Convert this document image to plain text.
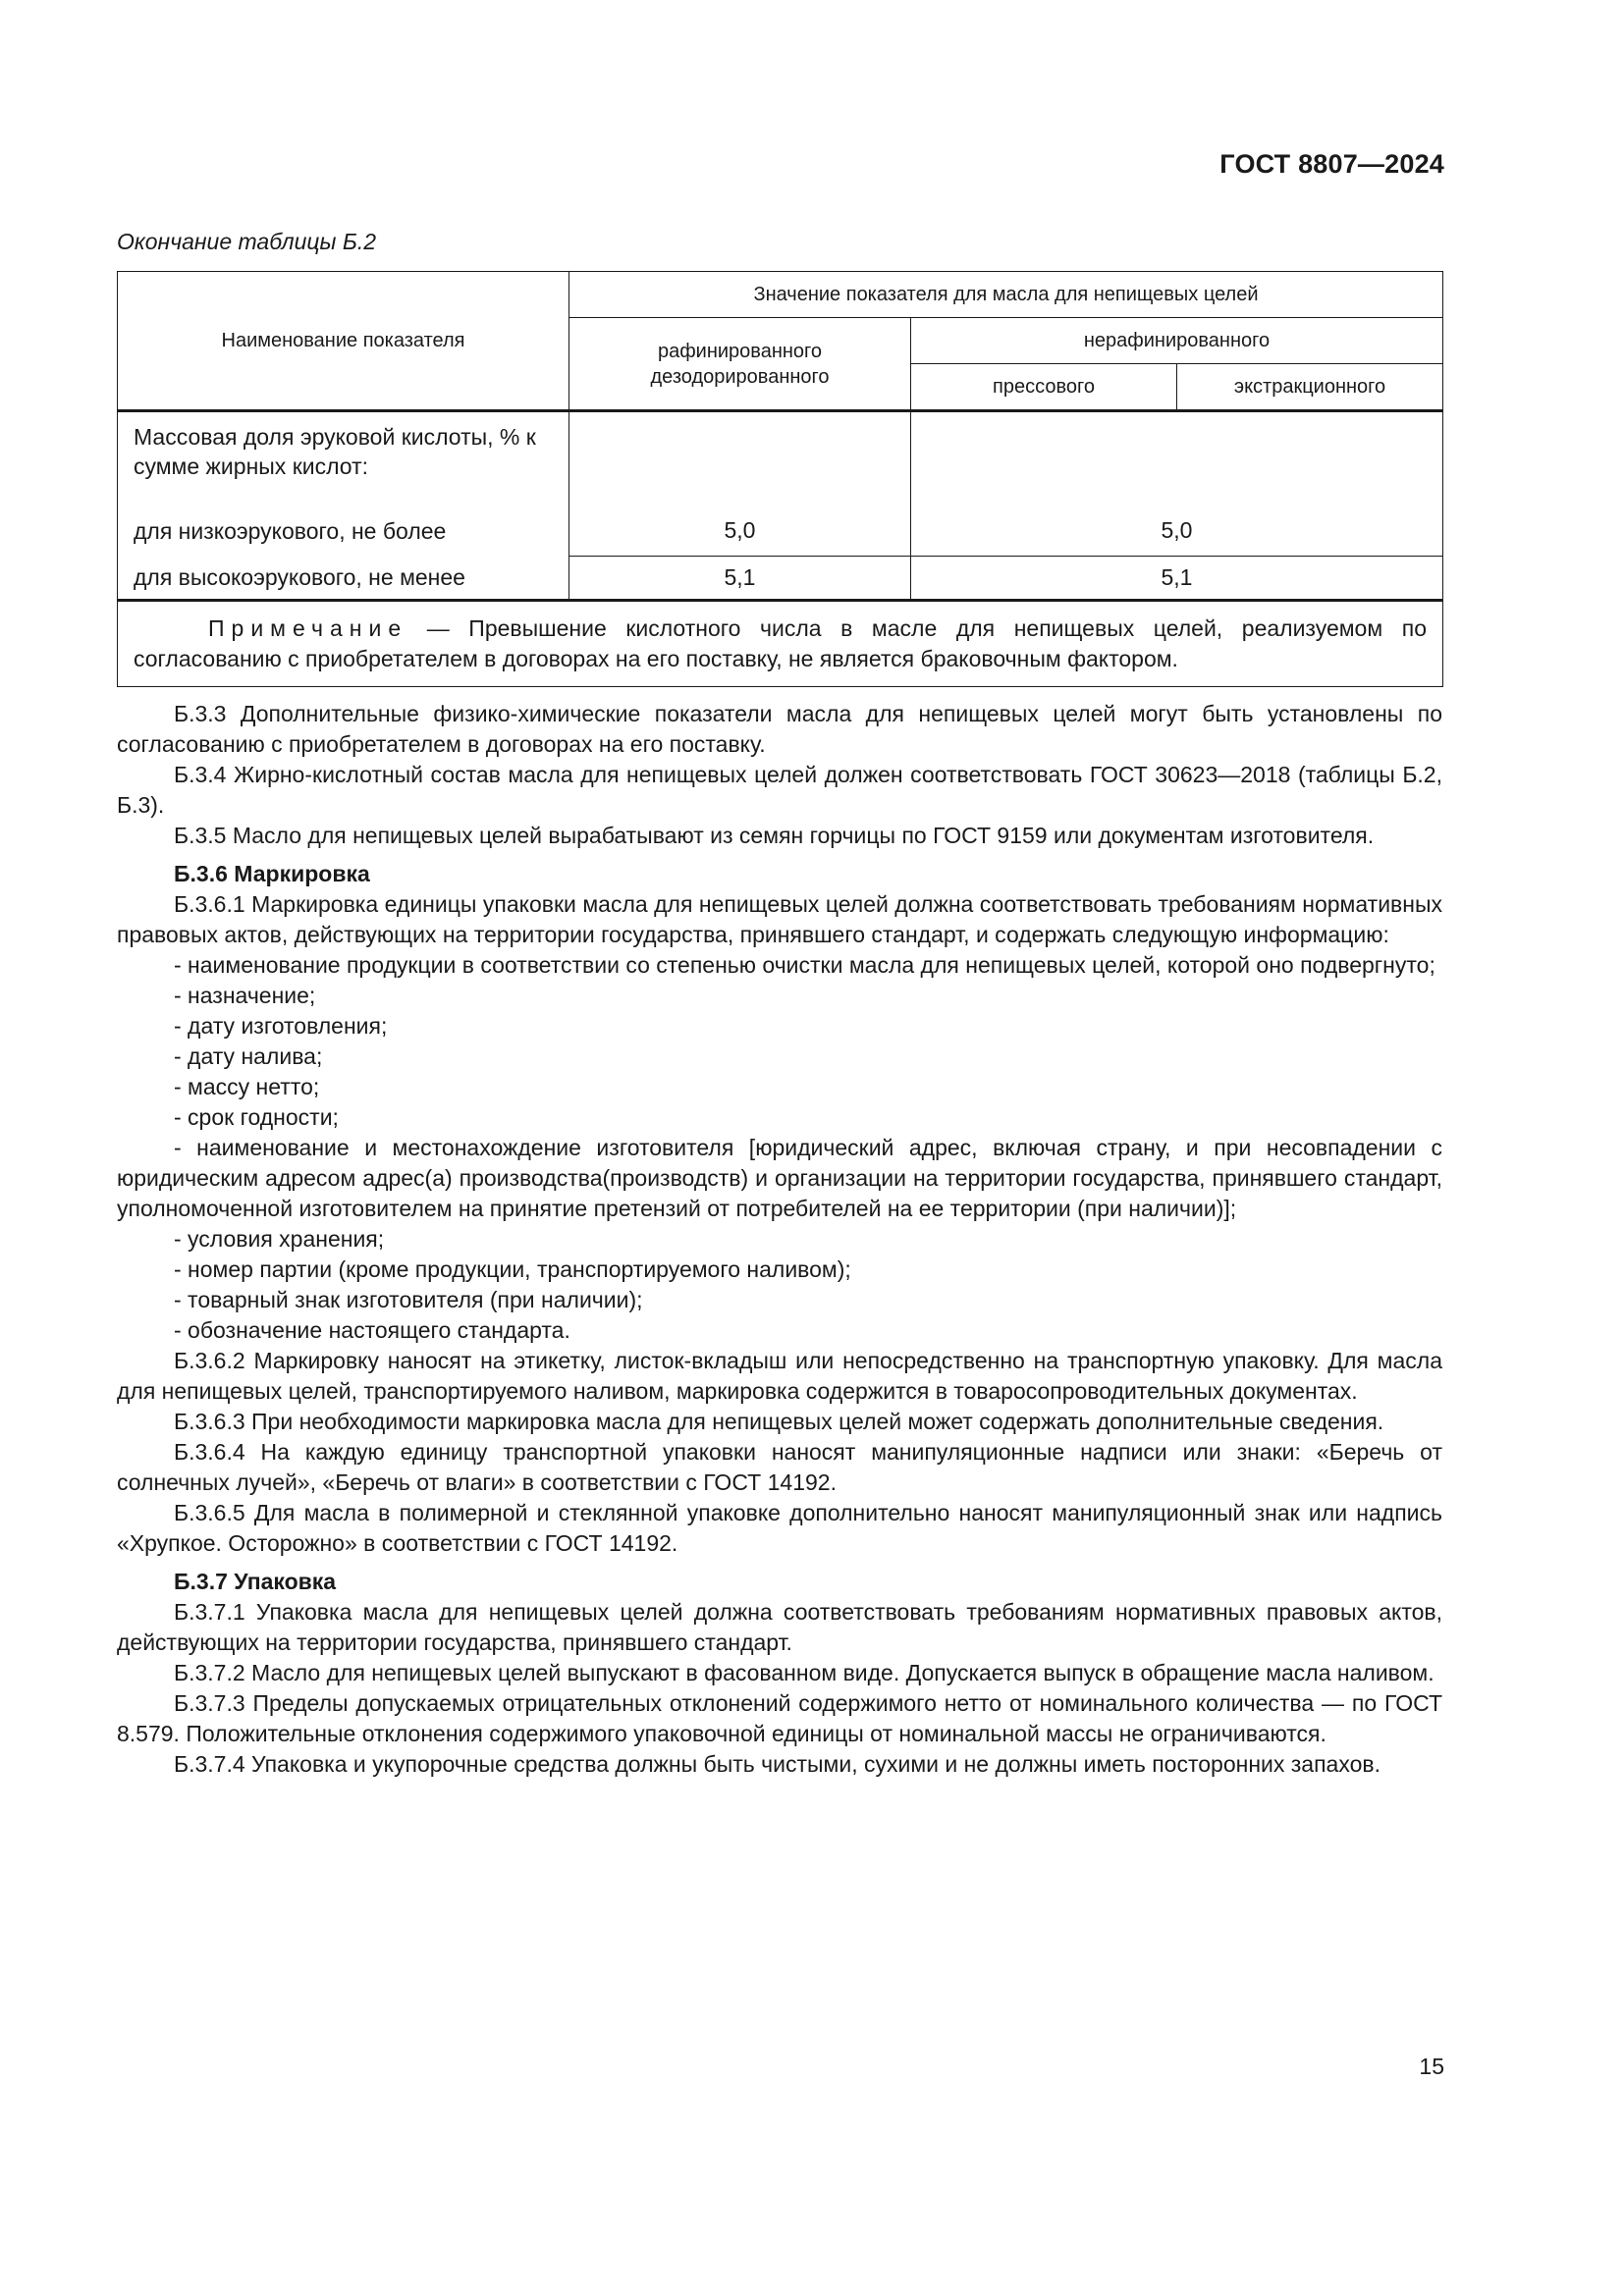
ГОСТ 8807—2024
Окончание таблицы Б.2
Наименование показателя	Значение показателя для масла для непищевых целей		
	рафинированного дезодорированного	нерафинированного	
		прессового	экстракционного
Массовая доля эруковой кислоты, % к сумме жирных кислот:			
для низкоэрукового, не более	5,0	5,0	
для высокоэрукового, не менее	5,1	5,1	
Примечание — Превышение кислотного числа в масле для непищевых целей, реализуемом по согласованию с приобретателем в договорах на его поставку, не является браковочным фактором.			

Б.3.3 Дополнительные физико-химические показатели масла для непищевых целей могут быть установлены по согласованию с приобретателем в договорах на его поставку.

Б.3.4 Жирно-кислотный состав масла для непищевых целей должен соответствовать ГОСТ 30623—2018 (таблицы Б.2, Б.3).

Б.3.5 Масло для непищевых целей вырабатывают из семян горчицы по ГОСТ 9159 или документам изготовителя.

Б.3.6 Маркировка

Б.3.6.1 Маркировка единицы упаковки масла для непищевых целей должна соответствовать требованиям нормативных правовых актов, действующих на территории государства, принявшего стандарт, и содержать следующую информацию:

- наименование продукции в соответствии со степенью очистки масла для непищевых целей, которой оно подвергнуто;

- назначение;

- дату изготовления;

- дату налива;

- массу нетто;

- срок годности;

- наименование и местонахождение изготовителя [юридический адрес, включая страну, и при несовпадении с юридическим адресом адрес(а) производства(производств) и организации на территории государства, принявшего стандарт, уполномоченной изготовителем на принятие претензий от потребителей на ее территории (при наличии)];

- условия хранения;

- номер партии (кроме продукции, транспортируемого наливом);

- товарный знак изготовителя (при наличии);

- обозначение настоящего стандарта.

Б.3.6.2 Маркировку наносят на этикетку, листок-вкладыш или непосредственно на транспортную упаковку. Для масла для непищевых целей, транспортируемого наливом, маркировка содержится в товаросопроводительных документах.

Б.3.6.3 При необходимости маркировка масла для непищевых целей может содержать дополнительные сведения.

Б.3.6.4 На каждую единицу транспортной упаковки наносят манипуляционные надписи или знаки: «Беречь от солнечных лучей», «Беречь от влаги» в соответствии с ГОСТ 14192.

Б.3.6.5 Для масла в полимерной и стеклянной упаковке дополнительно наносят манипуляционный знак или надпись «Хрупкое. Осторожно» в соответствии с ГОСТ 14192.

Б.3.7 Упаковка

Б.3.7.1 Упаковка масла для непищевых целей должна соответствовать требованиям нормативных правовых актов, действующих на территории государства, принявшего стандарт.

Б.3.7.2 Масло для непищевых целей выпускают в фасованном виде. Допускается выпуск в обращение масла наливом.

Б.3.7.3 Пределы допускаемых отрицательных отклонений содержимого нетто от номинального количества — по ГОСТ 8.579. Положительные отклонения содержимого упаковочной единицы от номинальной массы не ограничиваются.

Б.3.7.4 Упаковка и укупорочные средства должны быть чистыми, сухими и не должны иметь посторонних запахов.

15
